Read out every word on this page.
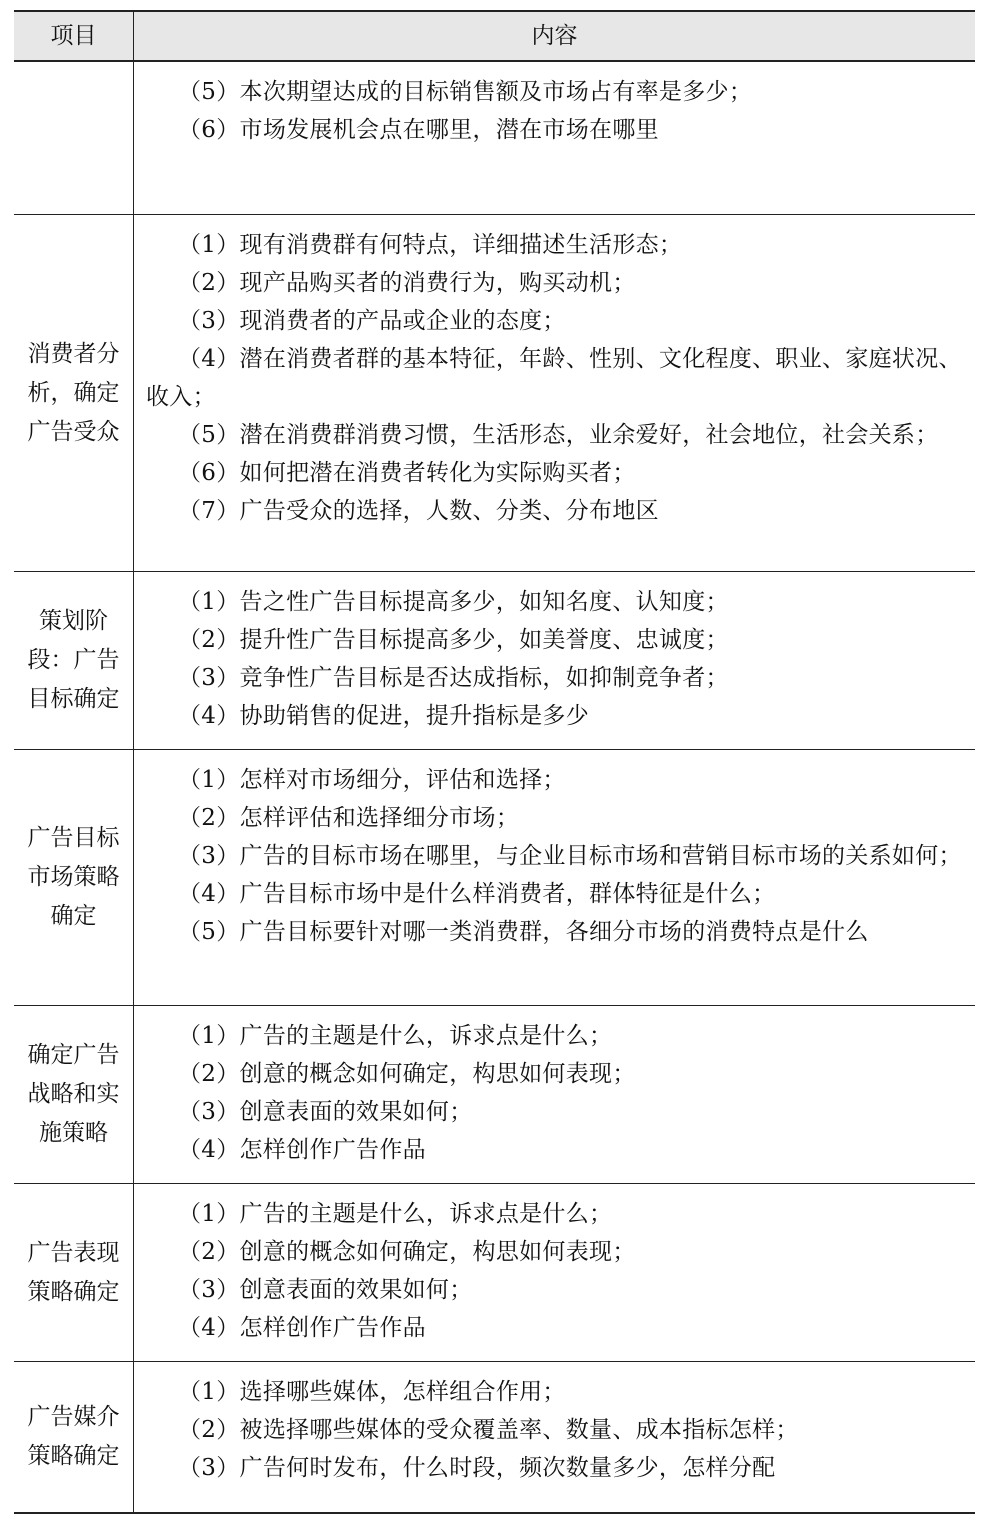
项目	内容

（5）本次期望达成的目标销售额及市场占有率是多少；

（6）市场发展机会点在哪里，潜在市场在哪里

消费者分析，确定广告受众

（1）现有消费群有何特点，详细描述生活形态；

（2）现产品购买者的消费行为，购买动机；

（3）现消费者的产品或企业的态度；

（4）潜在消费者群的基本特征，年龄、性别、文化程度、职业、家庭状况、收入；

（5）潜在消费群消费习惯，生活形态，业余爱好，社会地位，社会关系；

（6）如何把潜在消费者转化为实际购买者；

（7）广告受众的选择，人数、分类、分布地区

策划阶段：广告目标确定

（1）告之性广告目标提高多少，如知名度、认知度；

（2）提升性广告目标提高多少，如美誉度、忠诚度；

（3）竞争性广告目标是否达成指标，如抑制竞争者；

（4）协助销售的促进，提升指标是多少

广告目标市场策略确定

（1）怎样对市场细分，评估和选择；

（2）怎样评估和选择细分市场；

（3）广告的目标市场在哪里，与企业目标市场和营销目标市场的关系如何；

（4）广告目标市场中是什么样消费者，群体特征是什么；

（5）广告目标要针对哪一类消费群，各细分市场的消费特点是什么

确定广告战略和实施策略

（1）广告的主题是什么，诉求点是什么；

（2）创意的概念如何确定，构思如何表现；

（3）创意表面的效果如何；

（4）怎样创作广告作品

广告表现策略确定

（1）广告的主题是什么，诉求点是什么；

（2）创意的概念如何确定，构思如何表现；

（3）创意表面的效果如何；

（4）怎样创作广告作品

广告媒介策略确定

（1）选择哪些媒体，怎样组合作用；

（2）被选择哪些媒体的受众覆盖率、数量、成本指标怎样；

（3）广告何时发布，什么时段，频次数量多少，怎样分配
